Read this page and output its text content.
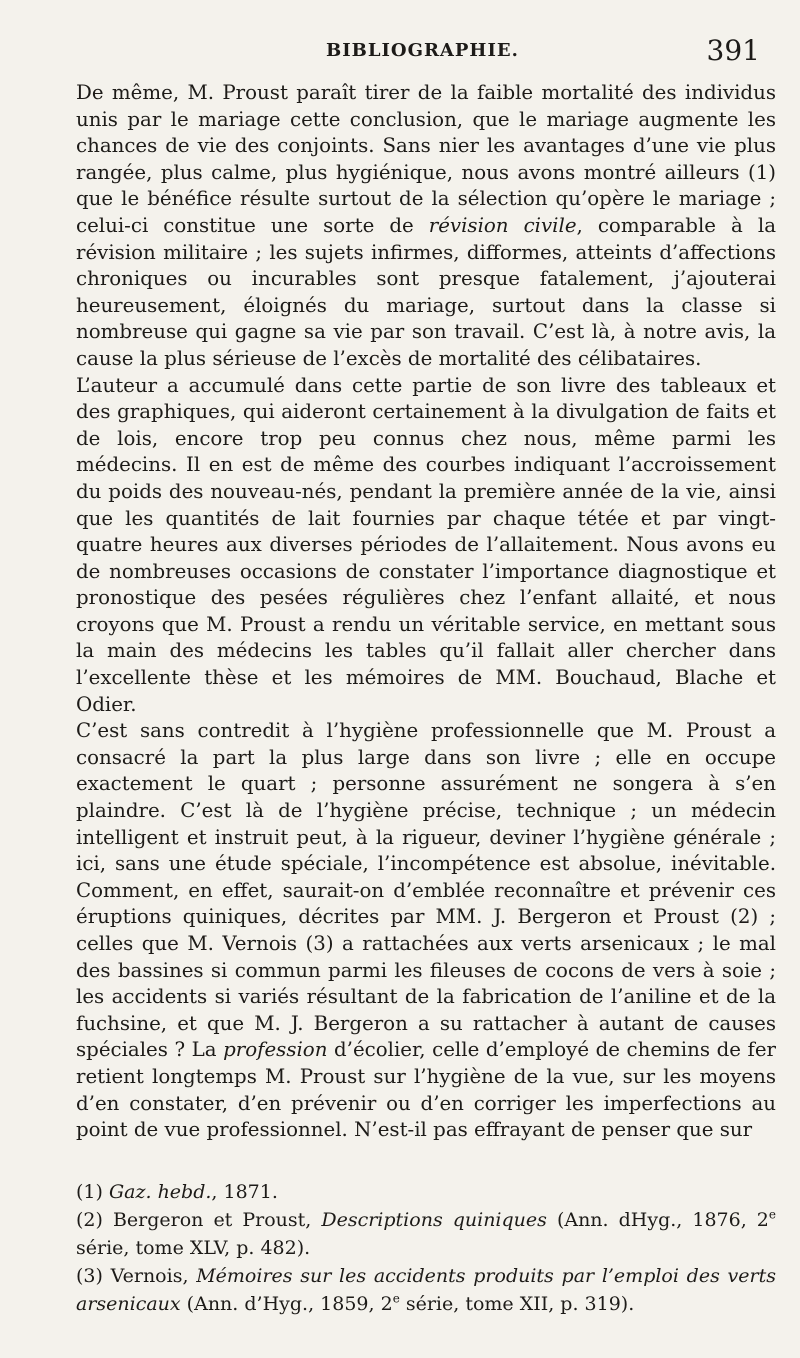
BIBLIOGRAPHIE.	391

De même, M. Proust paraît tirer de la faible mortalité des individus unis par le mariage cette conclusion, que le mariage augmente les chances de vie des conjoints. Sans nier les avantages d’une vie plus rangée, plus calme, plus hygiénique, nous avons montré ailleurs (1) que le bénéfice résulte surtout de la sélection qu’opère le mariage ; celui-ci constitue une sorte de révision civile, comparable à la révision militaire ; les sujets infirmes, difformes, atteints d’affections chroniques ou incurables sont presque fatalement, j’ajouterai heureusement, éloignés du mariage, surtout dans la classe si nombreuse qui gagne sa vie par son travail. C’est là, à notre avis, la cause la plus sérieuse de l’excès de mortalité des célibataires.

L’auteur a accumulé dans cette partie de son livre des tableaux et des graphiques, qui aideront certainement à la divulgation de faits et de lois, encore trop peu connus chez nous, même parmi les médecins. Il en est de même des courbes indiquant l’accroissement du poids des nouveau-nés, pendant la première année de la vie, ainsi que les quantités de lait fournies par chaque tétée et par vingt-quatre heures aux diverses périodes de l’allaitement. Nous avons eu de nombreuses occasions de constater l’importance diagnostique et pronostique des pesées régulières chez l’enfant allaité, et nous croyons que M. Proust a rendu un véritable service, en mettant sous la main des médecins les tables qu’il fallait aller chercher dans l’excellente thèse et les mémoires de MM. Bouchaud, Blache et Odier.

C’est sans contredit à l’hygiène professionnelle que M. Proust a consacré la part la plus large dans son livre ; elle en occupe exactement le quart ; personne assurément ne songera à s’en plaindre. C’est là de l’hygiène précise, technique ; un médecin intelligent et instruit peut, à la rigueur, deviner l’hygiène générale ; ici, sans une étude spéciale, l’incompétence est absolue, inévitable. Comment, en effet, saurait-on d’emblée reconnaître et prévenir ces éruptions quiniques, décrites par MM. J. Bergeron et Proust (2) ; celles que M. Vernois (3) a rattachées aux verts arsenicaux ; le mal des bassines si commun parmi les fileuses de cocons de vers à soie ; les accidents si variés résultant de la fabrication de l’aniline et de la fuchsine, et que M. J. Bergeron a su rattacher à autant de causes spéciales ? La profession d’écolier, celle d’employé de chemins de fer retient longtemps M. Proust sur l’hygiène de la vue, sur les moyens d’en constater, d’en prévenir ou d’en corriger les imperfections au point de vue professionnel. N’est-il pas effrayant de penser que sur

(1) Gaz. hebd., 1871.

(2) Bergeron et Proust, Descriptions quiniques (Ann. dHyg., 1876, 2e série, tome XLV, p. 482).

(3) Vernois, Mémoires sur les accidents produits par l’emploi des verts arsenicaux (Ann. d’Hyg., 1859, 2e série, tome XII, p. 319).
